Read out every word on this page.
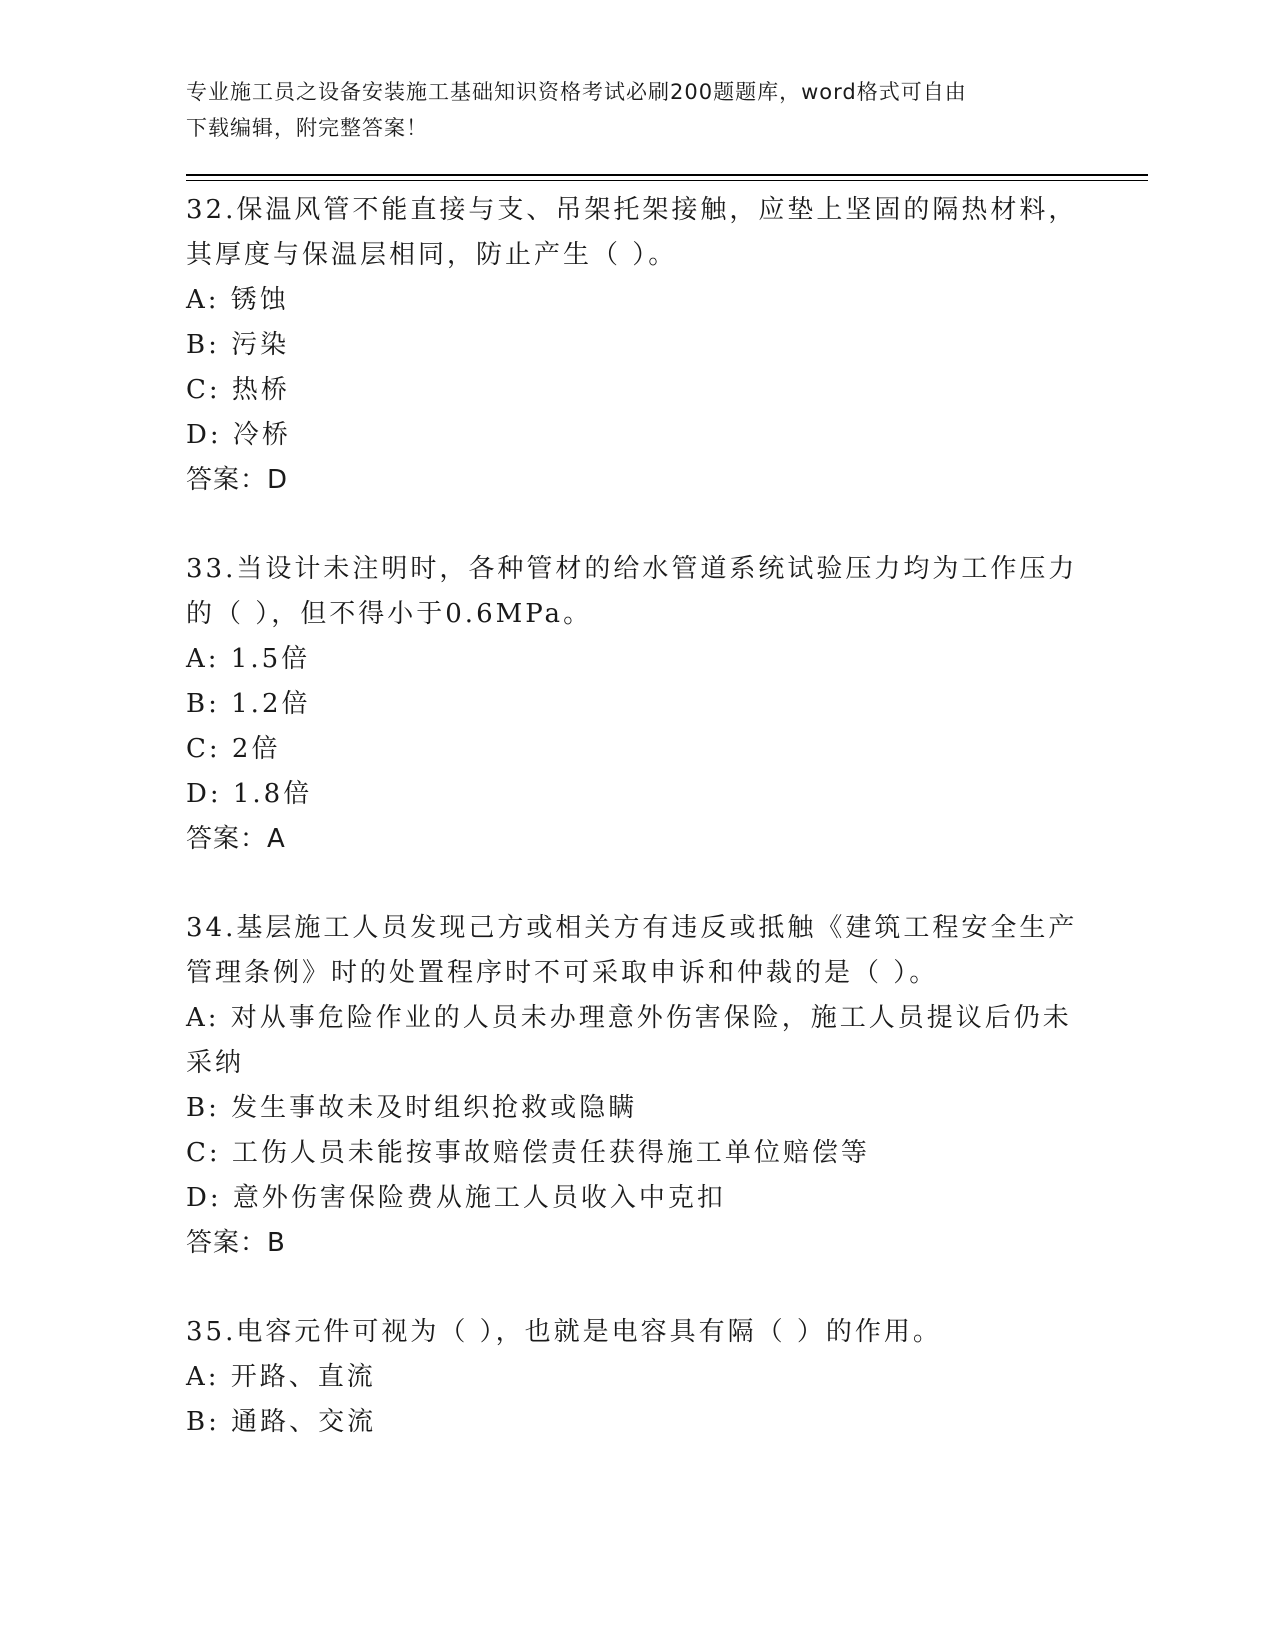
专业施工员之设备安装施工基础知识资格考试必刷200题题库，word格式可自由
下载编辑，附完整答案！
32.保温风管不能直接与支、吊架托架接触，应垫上坚固的隔热材料，其厚度与保温层相同，防止产生（ ）。
A: 锈蚀
B: 污染
C: 热桥
D: 冷桥
答案：D
33.当设计未注明时，各种管材的给水管道系统试验压力均为工作压力的（ ），但不得小于0.6MPa。
A: 1.5倍
B: 1.2倍
C: 2倍
D: 1.8倍
答案：A
34.基层施工人员发现己方或相关方有违反或抵触《建筑工程安全生产管理条例》时的处置程序时不可采取申诉和仲裁的是（ ）。
A: 对从事危险作业的人员未办理意外伤害保险，施工人员提议后仍未采纳
B: 发生事故未及时组织抢救或隐瞒
C: 工伤人员未能按事故赔偿责任获得施工单位赔偿等
D: 意外伤害保险费从施工人员收入中克扣
答案：B
35.电容元件可视为（ ），也就是电容具有隔（ ）的作用。
A: 开路、直流
B: 通路、交流
